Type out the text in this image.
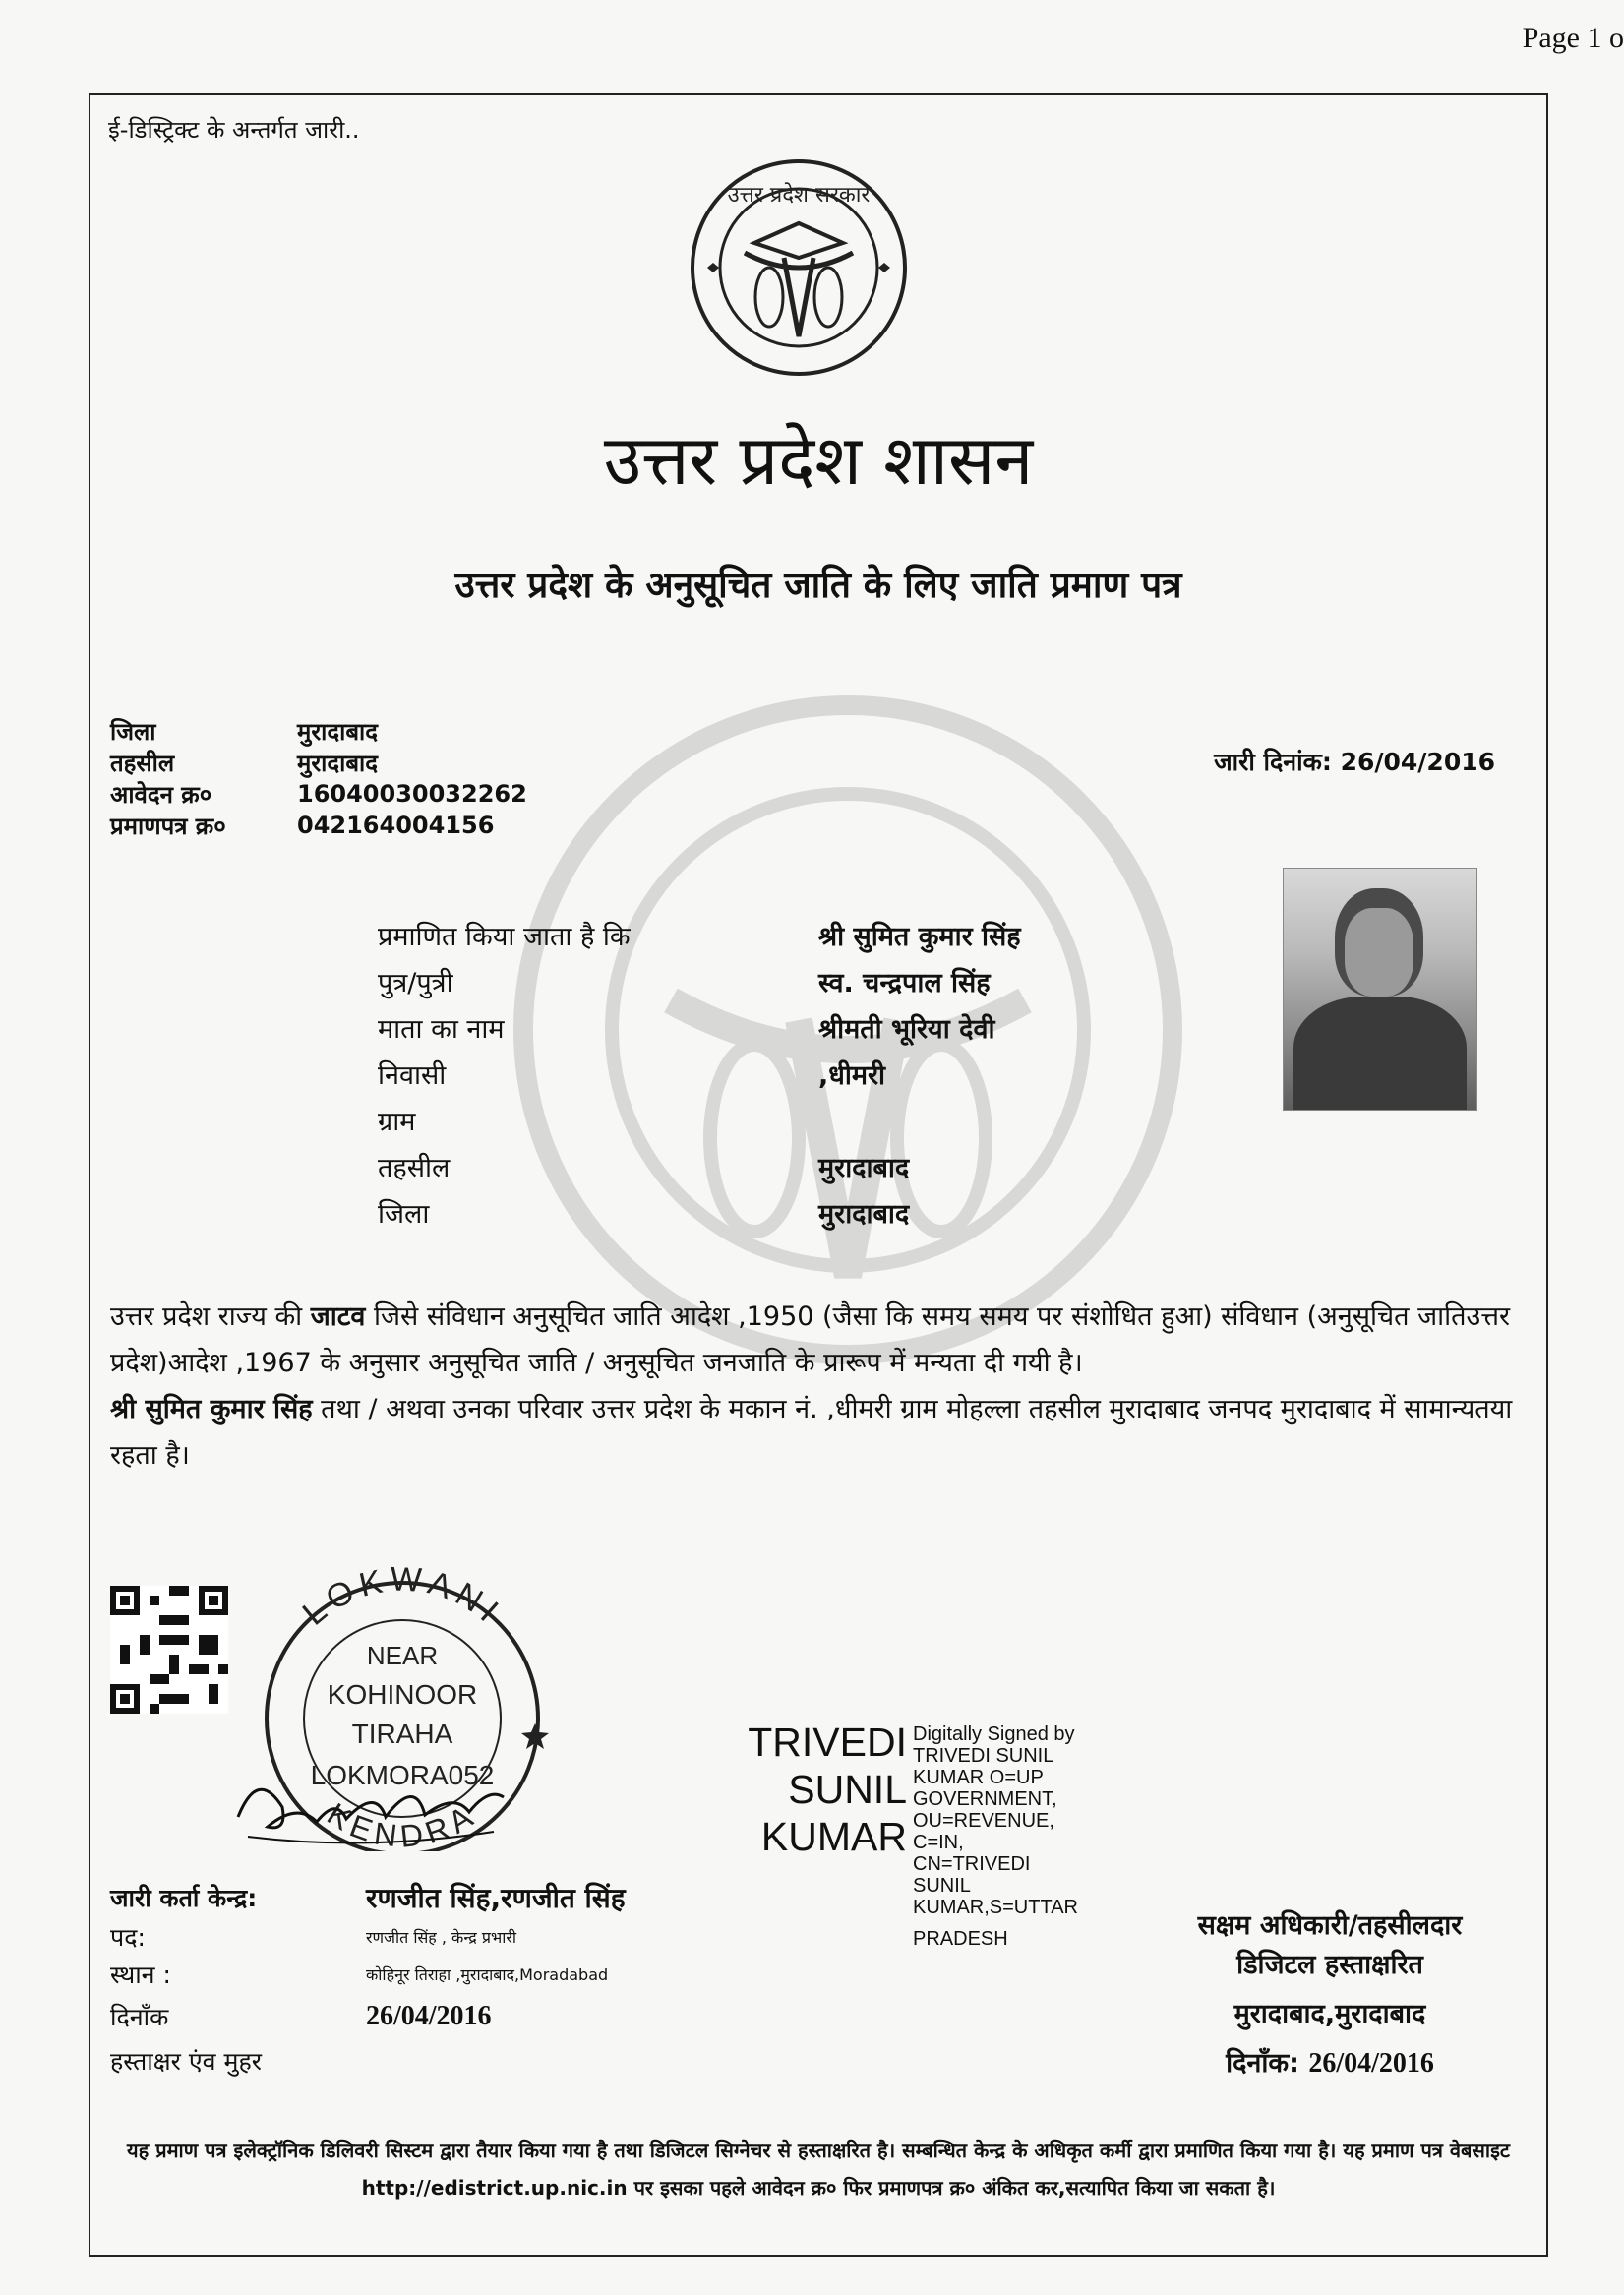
Page 1 o
ई-डिस्ट्रिक्ट के अन्तर्गत जारी..
उत्तर प्रदेश सरकार
उत्तर प्रदेश शासन
उत्तर प्रदेश के अनुसूचित जाति के लिए जाति प्रमाण पत्र
जिला	मुरादाबाद
तहसील	मुरादाबाद
आवेदन क्र०	16040030032262
प्रमाणपत्र क्र०	042164004156
जारी दिनांक: 26/04/2016
प्रमाणित किया जाता है कि	श्री सुमित कुमार सिंह
पुत्र/पुत्री	स्व. चन्द्रपाल सिंह
माता का नाम	श्रीमती भूरिया देवी
निवासी	,धीमरी
ग्राम
तहसील	मुरादाबाद
जिला	मुरादाबाद
उत्तर प्रदेश राज्य की जाटव जिसे संविधान अनुसूचित जाति आदेश ,1950 (जैसा कि समय समय पर संशोधित हुआ) संविधान (अनुसूचित जातिउत्तर प्रदेश)आदेश ,1967 के अनुसार अनुसूचित जाति / अनुसूचित जनजाति के प्रारूप में मन्यता दी गयी है।
श्री सुमित कुमार सिंह तथा / अथवा उनका परिवार उत्तर प्रदेश के मकान नं. ,धीमरी ग्राम मोहल्ला तहसील मुरादाबाद जनपद मुरादाबाद में सामान्यतया रहता है।
LOKWANI
KENDRA
NEAR
KOHINOOR
TIRAHA
LOKMORA052
TRIVEDI
SUNIL
KUMAR
Digitally Signed by
TRIVEDI SUNIL
KUMAR O=UP
GOVERNMENT,
OU=REVENUE,
C=IN,
CN=TRIVEDI
SUNIL
KUMAR,S=UTTAR
PRADESH
जारी कर्ता केन्द्र:	रणजीत सिंह,रणजीत सिंह
पद:	रणजीत सिंह , केन्द्र प्रभारी
स्थान :	कोहिनूर तिराहा ,मुरादाबाद,Moradabad
दिनाँक	26/04/2016
हस्ताक्षर एंव मुहर
सक्षम अधिकारी/तहसीलदार
डिजिटल हस्ताक्षरित
मुरादाबाद,मुरादाबाद
दिनाँक: 26/04/2016
यह प्रमाण पत्र इलेक्ट्रॉनिक डिलिवरी सिस्टम द्वारा तैयार किया गया है तथा डिजिटल सिग्नेचर से हस्ताक्षरित है। सम्बन्धित केन्द्र के अधिकृत कर्मी द्वारा प्रमाणित किया गया है। यह प्रमाण पत्र वेबसाइट http://edistrict.up.nic.in पर इसका पहले आवेदन क्र० फिर प्रमाणपत्र क्र० अंकित कर,सत्यापित किया जा सकता है।
